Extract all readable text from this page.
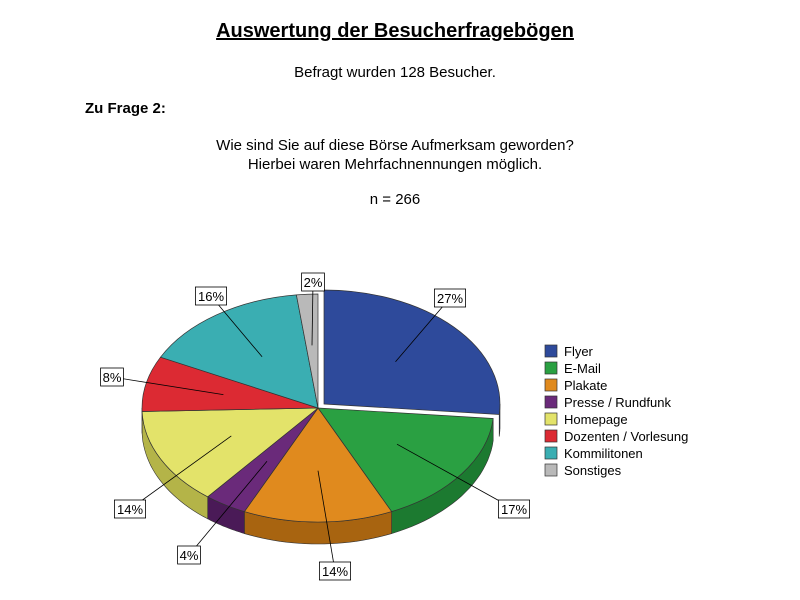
Auswertung der Besucherfragebögen
Befragt wurden 128 Besucher.
Zu Frage 2:
Wie sind Sie auf diese Börse Aufmerksam geworden?
Hierbei waren Mehrfachnennungen möglich.
n = 266
27%
17%
14%
4%
14%
8%
16%
2%
Flyer
E-Mail
Plakate
Presse / Rundfunk
Homepage
Dozenten / Vorlesung
Kommilitonen
Sonstiges
